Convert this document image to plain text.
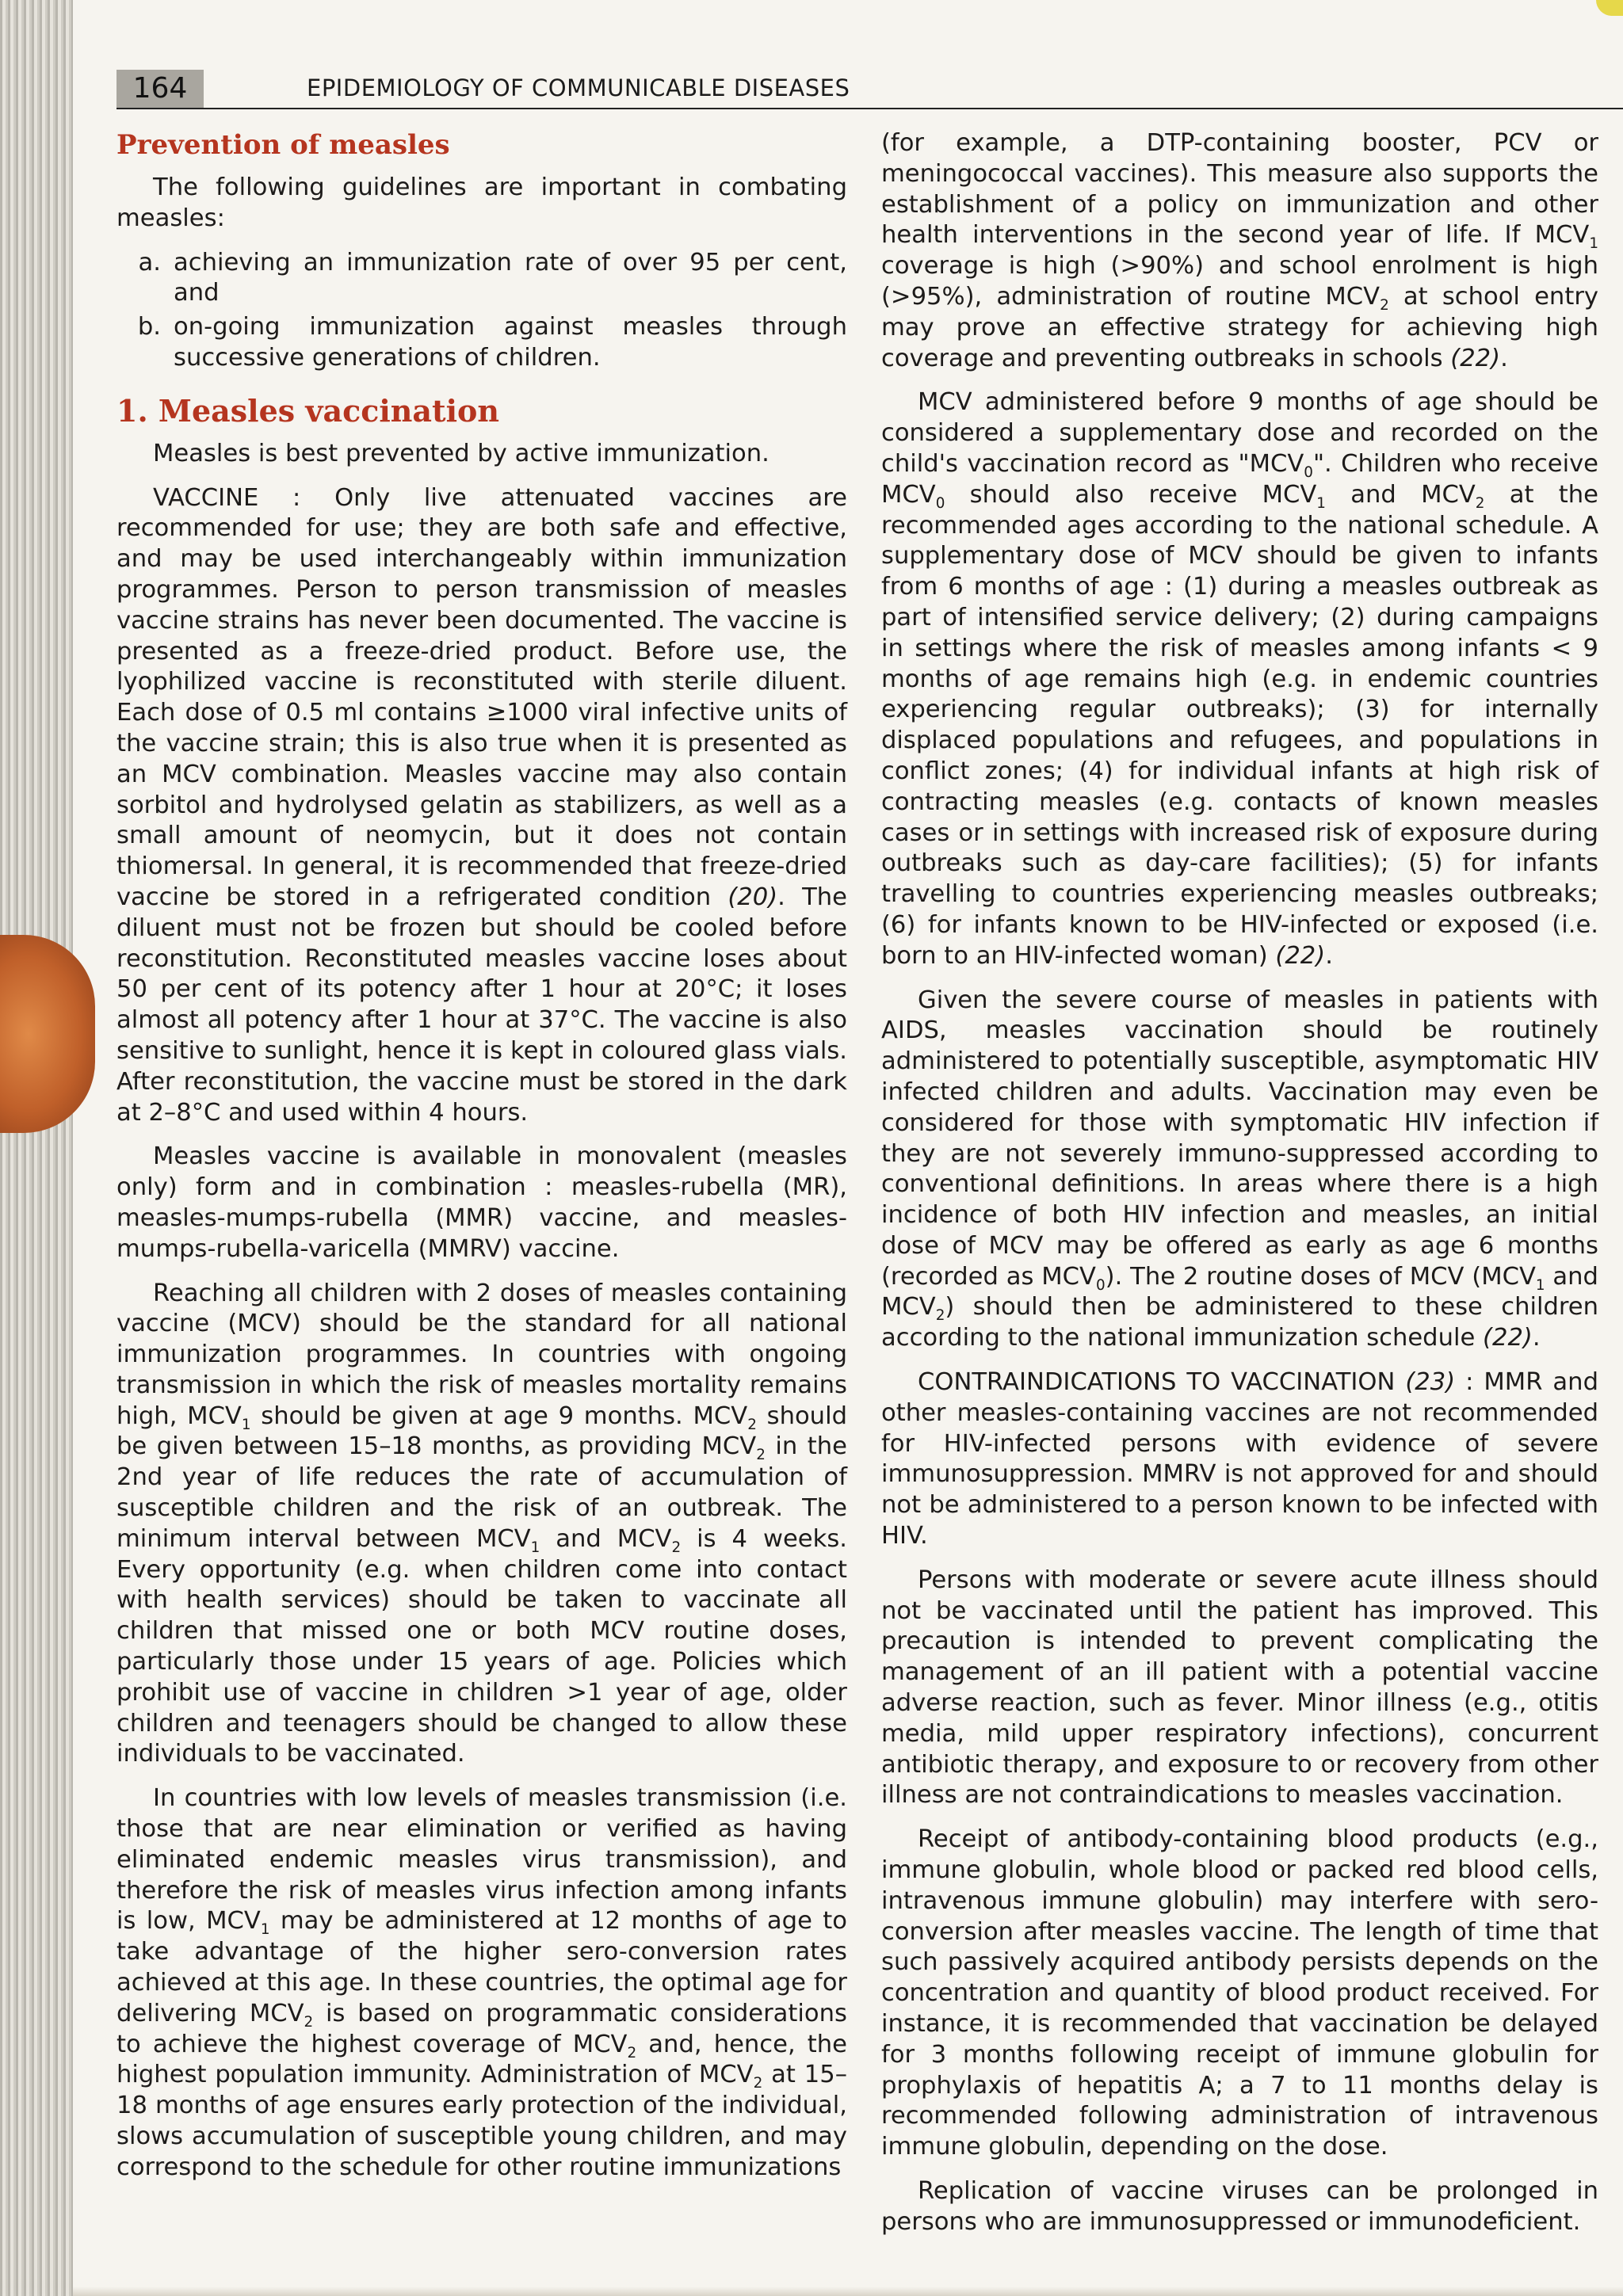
164	EPIDEMIOLOGY OF COMMUNICABLE DISEASES
Prevention of measles

The following guidelines are important in combating measles:

a. achieving an immunization rate of over 95 per cent, and
b. on-going immunization against measles through successive generations of children.
1. Measles vaccination

Measles is best prevented by active immunization.

VACCINE : Only live attenuated vaccines are recommended for use; they are both safe and effective, and may be used interchangeably within immunization programmes. Person to person transmission of measles vaccine strains has never been documented. The vaccine is presented as a freeze-dried product. Before use, the lyophilized vaccine is reconstituted with sterile diluent. Each dose of 0.5 ml contains ≥1000 viral infective units of the vaccine strain; this is also true when it is presented as an MCV combination. Measles vaccine may also contain sorbitol and hydrolysed gelatin as stabilizers, as well as a small amount of neomycin, but it does not contain thiomersal. In general, it is recommended that freeze-dried vaccine be stored in a refrigerated condition (20). The diluent must not be frozen but should be cooled before reconstitution. Reconstituted measles vaccine loses about 50 per cent of its potency after 1 hour at 20°C; it loses almost all potency after 1 hour at 37°C. The vaccine is also sensitive to sunlight, hence it is kept in coloured glass vials. After reconstitution, the vaccine must be stored in the dark at 2–8°C and used within 4 hours.

Measles vaccine is available in monovalent (measles only) form and in combination : measles-rubella (MR), measles-mumps-rubella (MMR) vaccine, and measles-mumps-rubella-varicella (MMRV) vaccine.

Reaching all children with 2 doses of measles containing vaccine (MCV) should be the standard for all national immunization programmes. In countries with ongoing transmission in which the risk of measles mortality remains high, $MCV_1$ should be given at age 9 months. $MCV_2$ should be given between 15–18 months, as providing $MCV_2$ in the 2nd year of life reduces the rate of accumulation of susceptible children and the risk of an outbreak. The minimum interval between $MCV_1$ and $MCV_2$ is 4 weeks. Every opportunity (e.g. when children come into contact with health services) should be taken to vaccinate all children that missed one or both MCV routine doses, particularly those under 15 years of age. Policies which prohibit use of vaccine in children >1 year of age, older children and teenagers should be changed to allow these individuals to be vaccinated.

In countries with low levels of measles transmission (i.e. those that are near elimination or verified as having eliminated endemic measles virus transmission), and therefore the risk of measles virus infection among infants is low, $MCV_1$ may be administered at 12 months of age to take advantage of the higher sero-conversion rates achieved at this age. In these countries, the optimal age for delivering $MCV_2$ is based on programmatic considerations to achieve the highest coverage of $MCV_2$ and, hence, the highest population immunity. Administration of $MCV_2$ at 15–18 months of age ensures early protection of the individual, slows accumulation of susceptible young children, and may correspond to the schedule for other routine immunizations

(for example, a DTP-containing booster, PCV or meningococcal vaccines). This measure also supports the establishment of a policy on immunization and other health interventions in the second year of life. If $MCV_1$ coverage is high (>90%) and school enrolment is high (>95%), administration of routine $MCV_2$ at school entry may prove an effective strategy for achieving high coverage and preventing outbreaks in schools (22).

MCV administered before 9 months of age should be considered a supplementary dose and recorded on the child's vaccination record as "$MCV_0$". Children who receive $MCV_0$ should also receive $MCV_1$ and $MCV_2$ at the recommended ages according to the national schedule. A supplementary dose of MCV should be given to infants from 6 months of age : (1) during a measles outbreak as part of intensified service delivery; (2) during campaigns in settings where the risk of measles among infants < 9 months of age remains high (e.g. in endemic countries experiencing regular outbreaks); (3) for internally displaced populations and refugees, and populations in conflict zones; (4) for individual infants at high risk of contracting measles (e.g. contacts of known measles cases or in settings with increased risk of exposure during outbreaks such as day-care facilities); (5) for infants travelling to countries experiencing measles outbreaks; (6) for infants known to be HIV-infected or exposed (i.e. born to an HIV-infected woman) (22).

Given the severe course of measles in patients with AIDS, measles vaccination should be routinely administered to potentially susceptible, asymptomatic HIV infected children and adults. Vaccination may even be considered for those with symptomatic HIV infection if they are not severely immuno-suppressed according to conventional definitions. In areas where there is a high incidence of both HIV infection and measles, an initial dose of MCV may be offered as early as age 6 months (recorded as $MCV_0$). The 2 routine doses of MCV ($MCV_1$ and $MCV_2$) should then be administered to these children according to the national immunization schedule (22).

CONTRAINDICATIONS TO VACCINATION (23) : MMR and other measles-containing vaccines are not recommended for HIV-infected persons with evidence of severe immunosuppression. MMRV is not approved for and should not be administered to a person known to be infected with HIV.

Persons with moderate or severe acute illness should not be vaccinated until the patient has improved. This precaution is intended to prevent complicating the management of an ill patient with a potential vaccine adverse reaction, such as fever. Minor illness (e.g., otitis media, mild upper respiratory infections), concurrent antibiotic therapy, and exposure to or recovery from other illness are not contraindications to measles vaccination.

Receipt of antibody-containing blood products (e.g., immune globulin, whole blood or packed red blood cells, intravenous immune globulin) may interfere with sero-conversion after measles vaccine. The length of time that such passively acquired antibody persists depends on the concentration and quantity of blood product received. For instance, it is recommended that vaccination be delayed for 3 months following receipt of immune globulin for prophylaxis of hepatitis A; a 7 to 11 months delay is recommended following administration of intravenous immune globulin, depending on the dose.

Replication of vaccine viruses can be prolonged in persons who are immunosuppressed or immunodeficient.
